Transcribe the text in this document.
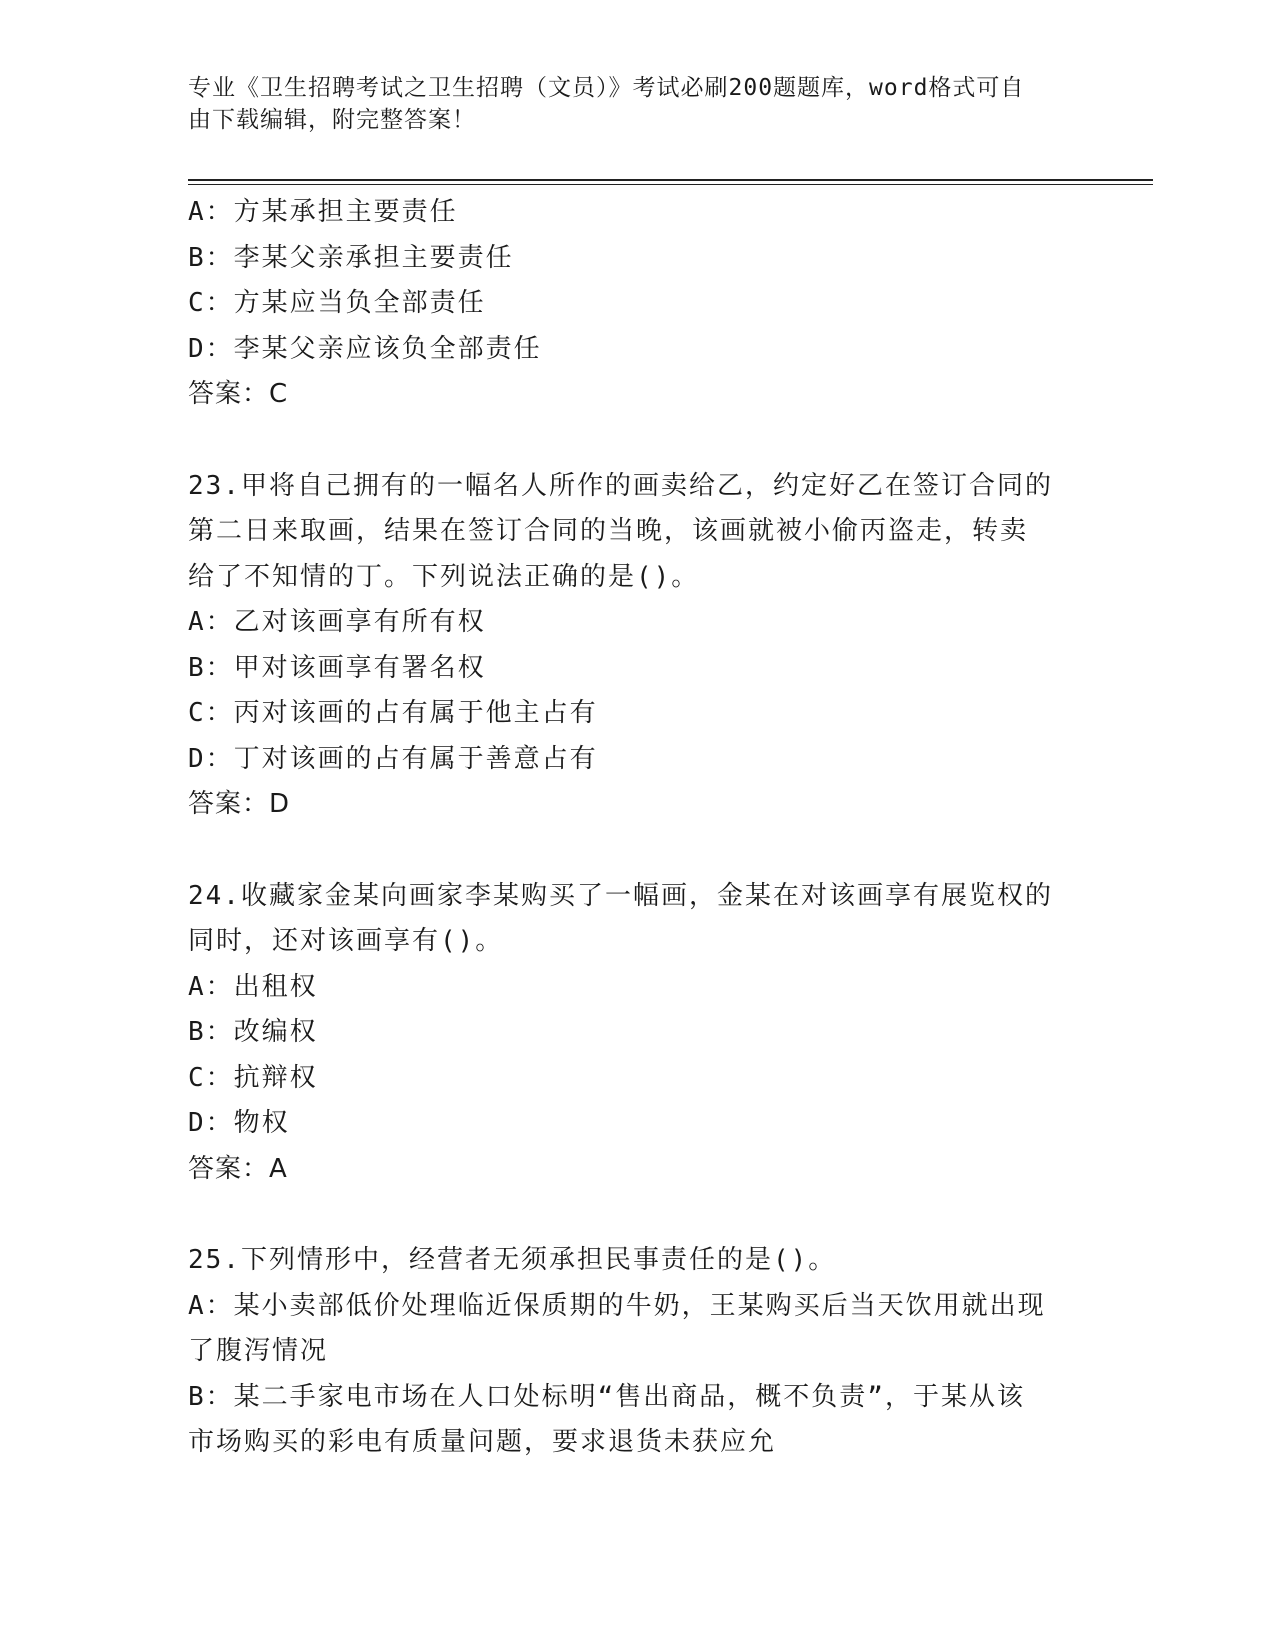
专业《卫生招聘考试之卫生招聘（文员）》考试必刷200题题库，word格式可自
由下载编辑，附完整答案！
A：方某承担主要责任
B：李某父亲承担主要责任
C：方某应当负全部责任
D：李某父亲应该负全部责任
答案：C
23.甲将自己拥有的一幅名人所作的画卖给乙，约定好乙在签订合同的
第二日来取画，结果在签订合同的当晚，该画就被小偷丙盗走，转卖
给了不知情的丁。下列说法正确的是()。
A：乙对该画享有所有权
B：甲对该画享有署名权
C：丙对该画的占有属于他主占有
D：丁对该画的占有属于善意占有
答案：D
24.收藏家金某向画家李某购买了一幅画，金某在对该画享有展览权的
同时，还对该画享有()。
A：出租权
B：改编权
C：抗辩权
D：物权
答案：A
25.下列情形中，经营者无须承担民事责任的是()。
A：某小卖部低价处理临近保质期的牛奶，王某购买后当天饮用就出现
了腹泻情况
B：某二手家电市场在人口处标明“售出商品，概不负责”，于某从该
市场购买的彩电有质量问题，要求退货未获应允
